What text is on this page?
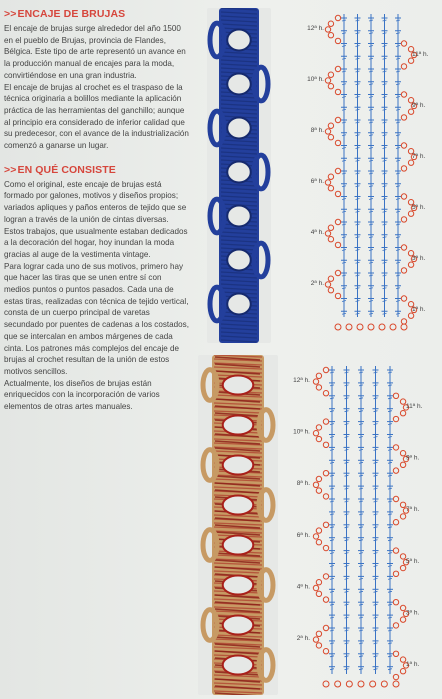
>>ENCAJE DE BRUJAS

El encaje de brujas surge alrededor del año 1500
en el pueblo de Brujas, provincia de Flandes,
Bélgica. Este tipo de arte representó un avance en
la producción manual de encajes para la moda,
convirtiéndose en una gran industria.

El encaje de brujas al crochet es el traspaso de la
técnica originaria a bolillos mediante la aplicación
práctica de las herramientas del ganchillo; aunque
al principio era considerado de inferior calidad que
su predecesor, con el avance de la industrialización
comenzó a ganarse un lugar.

>>EN QUÉ CONSISTE

Como el original, este encaje de brujas está
formado por galones, motivos y diseños propios;
variados apliques y paños enteros de tejido que se
logran a través de la unión de cintas diversas.

Estos trabajos, que usualmente estaban dedicados
a la decoración del hogar, hoy inundan la moda
gracias al auge de la vestimenta vintage.

Para lograr cada uno de sus motivos, primero hay
que hacer las tiras que se unen entre sí con
medios puntos o puntos pasados. Cada una de
estas tiras, realizadas con técnica de tejido vertical,
consta de un cuerpo principal de varetas
secundado por puentes de cadenas a los costados,
que se intercalan en ambos márgenes de cada
cinta. Los patrones más complejos del encaje de
brujas al crochet resultan de la unión de estos
motivos sencillos.

Actualmente, los diseños de brujas están
enriquecidos con la incorporación de varios
elementos de otras artes manuales.

12ª h.
10ª h.
8ª h.
6ª h.
4ª h.
2ª h.
11ª h.
9ª h.
7ª h.
5ª h.
3ª h.
1ª h.
12ª h.
10ª h.
8ª h.
6ª h.
4ª h.
2ª h.
11ª h.
9ª h.
7ª h.
5ª h.
3ª h.
1ª h.
